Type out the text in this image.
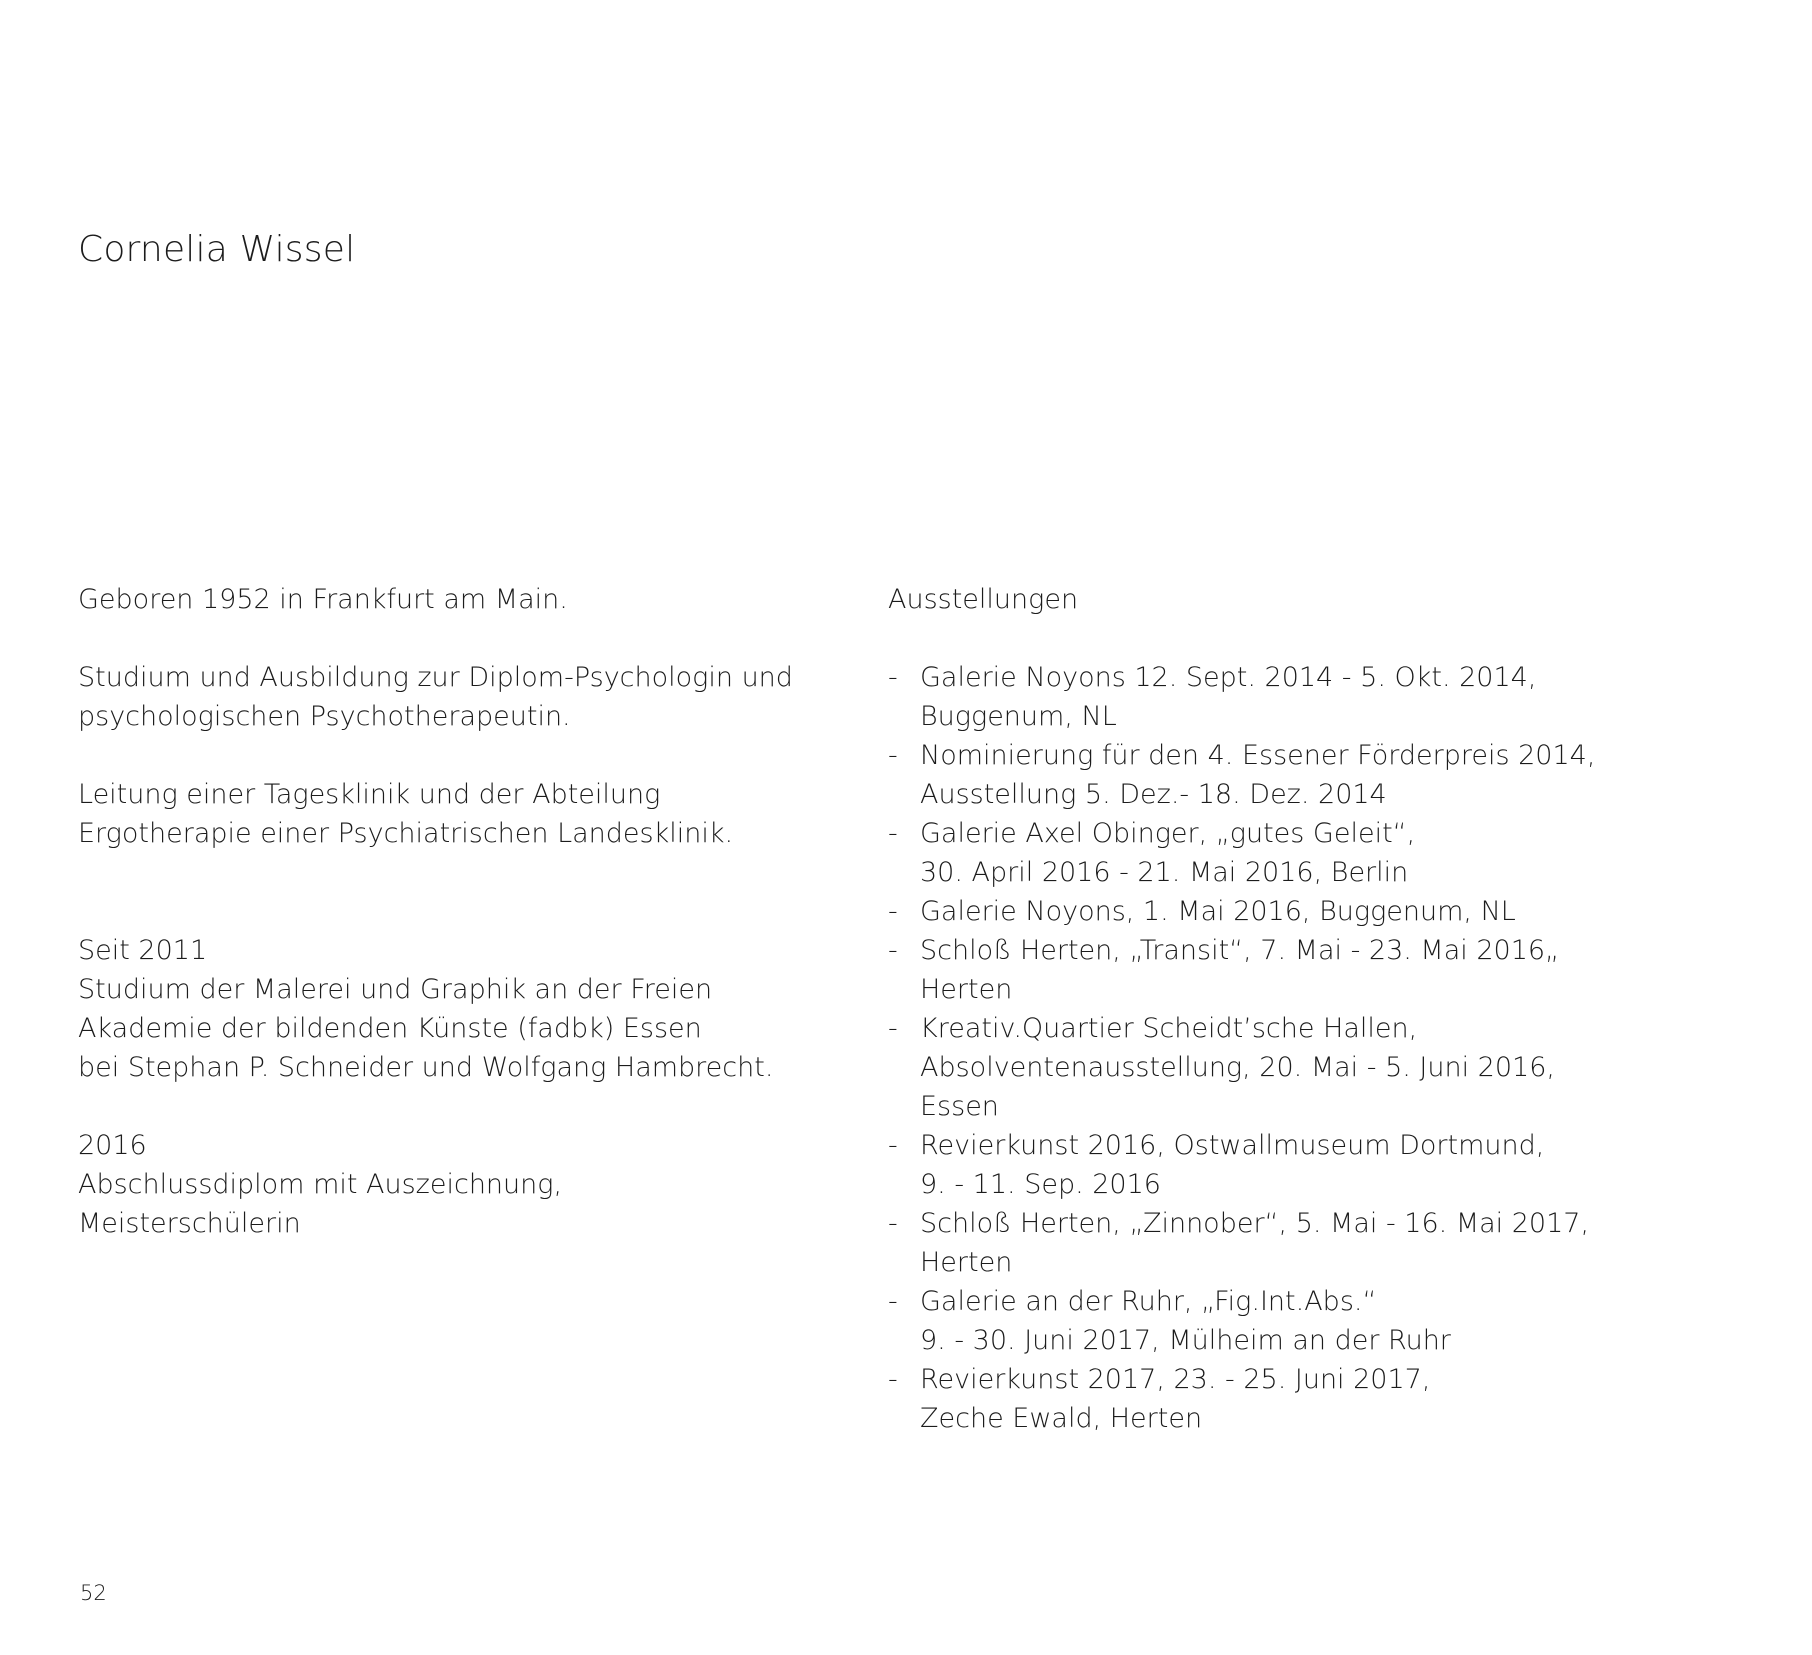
Cornelia Wissel
Geboren 1952 in Frankfurt am Main.
Studium und Ausbildung zur Diplom-Psychologin und
psychologischen Psychotherapeutin.
Leitung einer Tagesklinik und der Abteilung
Ergotherapie einer Psychiatrischen Landesklinik.
Seit 2011
Studium der Malerei und Graphik an der Freien
Akademie der bildenden Künste (fadbk) Essen
bei Stephan P. Schneider und Wolfgang Hambrecht.
2016
Abschlussdiplom mit Auszeichnung,
Meisterschülerin
Ausstellungen
- Galerie Noyons 12. Sept. 2014 - 5. Okt. 2014,
Buggenum, NL
- Nominierung für den 4. Essener Förderpreis 2014,
Ausstellung 5. Dez.- 18. Dez. 2014
- Galerie Axel Obinger, „gutes Geleit“,
30. April 2016 - 21. Mai 2016, Berlin
- Galerie Noyons, 1. Mai 2016, Buggenum, NL
- Schloß Herten, „Transit“, 7. Mai - 23. Mai 2016„
Herten
- Kreativ.Quartier Scheidt’sche Hallen,
Absolventenausstellung, 20. Mai - 5. Juni 2016,
Essen
- Revierkunst 2016, Ostwallmuseum Dortmund,
9. - 11. Sep. 2016
- Schloß Herten, „Zinnober“, 5. Mai - 16. Mai 2017,
Herten
- Galerie an der Ruhr, „Fig.Int.Abs.“
9. - 30. Juni 2017, Mülheim an der Ruhr
- Revierkunst 2017, 23. - 25. Juni 2017,
Zeche Ewald, Herten
52
